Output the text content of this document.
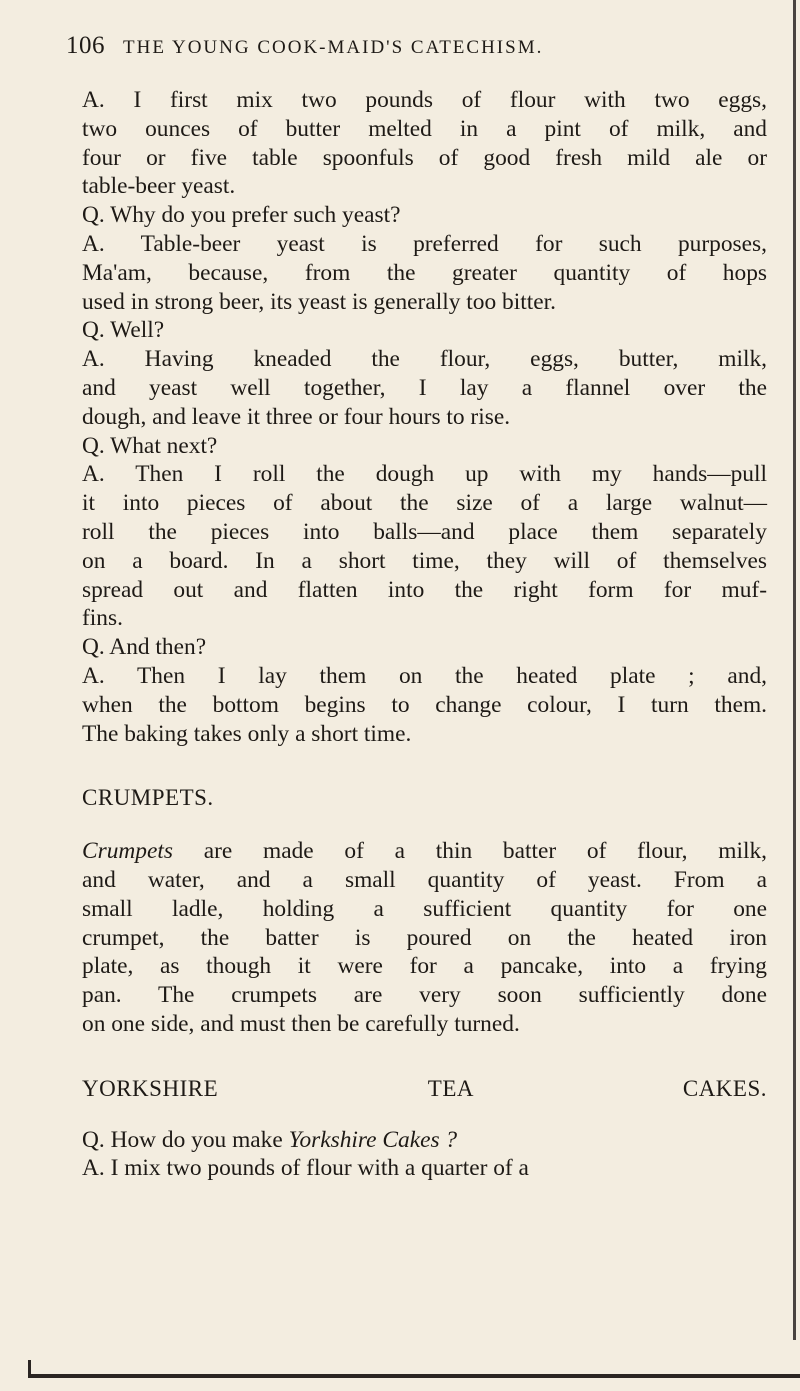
106 THE YOUNG COOK-MAID'S CATECHISM.

A. I first mix two pounds of flour with two eggs,

two ounces of butter melted in a pint of milk, and

four or five table spoonfuls of good fresh mild ale or

table-beer yeast.

Q. Why do you prefer such yeast?

A. Table-beer yeast is preferred for such purposes,

Ma'am, because, from the greater quantity of hops

used in strong beer, its yeast is generally too bitter.

Q. Well?

A. Having kneaded the flour, eggs, butter, milk,

and yeast well together, I lay a flannel over the

dough, and leave it three or four hours to rise.

Q. What next?

A. Then I roll the dough up with my hands—pull

it into pieces of about the size of a large walnut—

roll the pieces into balls—and place them separately

on a board. In a short time, they will of themselves

spread out and flatten into the right form for muf-

fins.

Q. And then?

A. Then I lay them on the heated plate ; and,

when the bottom begins to change colour, I turn them.

The baking takes only a short time.

CRUMPETS.

Crumpets are made of a thin batter of flour, milk,

and water, and a small quantity of yeast. From a

small ladle, holding a sufficient quantity for one

crumpet, the batter is poured on the heated iron

plate, as though it were for a pancake, into a frying

pan. The crumpets are very soon sufficiently done

on one side, and must then be carefully turned.

YORKSHIRE TEA CAKES.

Q. How do you make Yorkshire Cakes ?

A. I mix two pounds of flour with a quarter of a
